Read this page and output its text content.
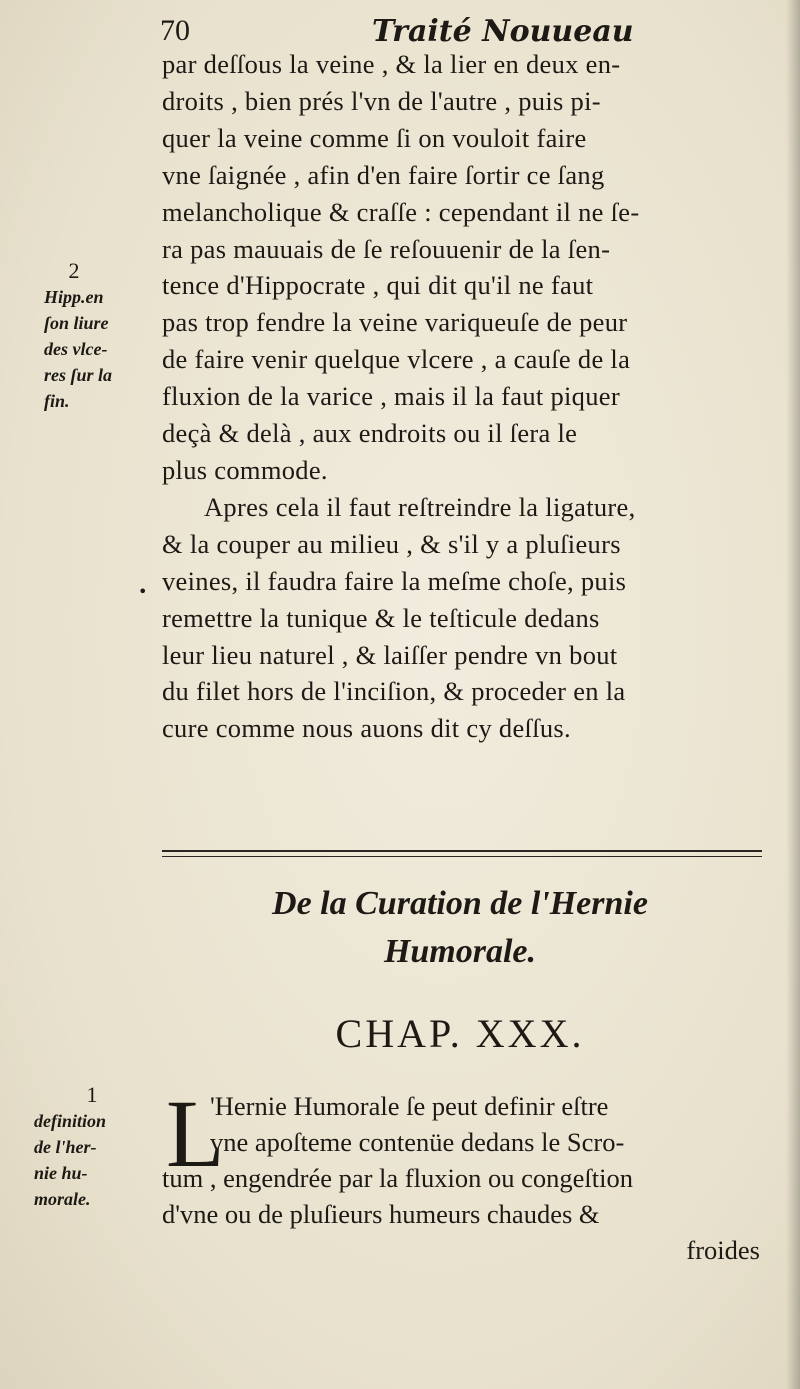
70	Traité Nouueau
par deſſous la veine , & la lier en deux en-
droits , bien prés l'vn de l'autre , puis pi-
quer la veine comme ſi on vouloit faire
vne ſaignée , afin d'en faire ſortir ce ſang
melancholique & craſſe : cependant il ne ſe-
ra pas mauuais de ſe reſouuenir de la ſen-
tence d'Hippocrate , qui dit qu'il ne faut
pas trop fendre la veine variqueuſe de peur
de faire venir quelque vlcere , a cauſe de la
fluxion de la varice , mais il la faut piquer
deçà & delà , aux endroits ou il ſera le
plus commode.
Apres cela il faut reſtreindre la ligature,
& la couper au milieu , & s'il y a pluſieurs
veines, il faudra faire la meſme choſe, puis
remettre la tunique & le teſticule dedans
leur lieu naturel , & laiſſer pendre vn bout
du filet hors de l'inciſion, & proceder en la
cure comme nous auons dit cy deſſus.
2
Hipp.en
ſon liure
des vlce-
res ſur la
fin.
•
De la Curation de l'Hernie
Humorale.
CHAP. XXX.
1
definition
de l'her-
nie hu-
morale.
L
'Hernie Humorale ſe peut definir eſtre
vne apoſteme contenüe dedans le Scro-
tum , engendrée par la fluxion ou congeſtion
d'vne ou de pluſieurs humeurs chaudes &
froides
